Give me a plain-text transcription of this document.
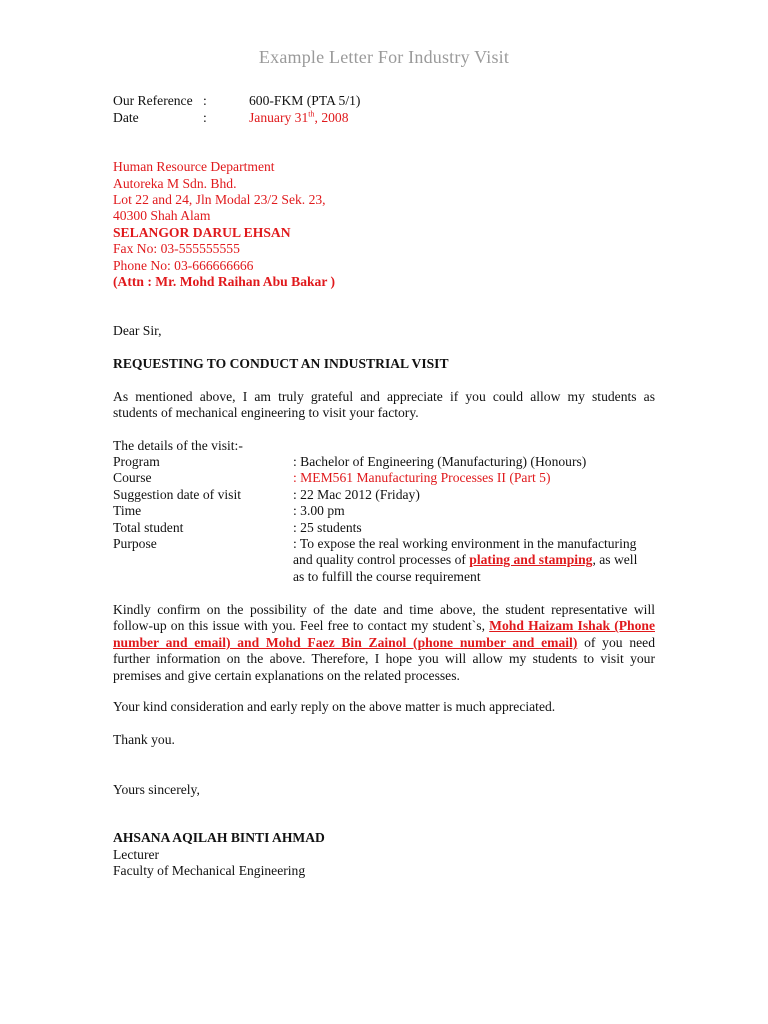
Example Letter For Industry Visit
Our Reference :	600-FKM (PTA 5/1)
Date	:	January 31th, 2008
Human Resource Department
Autoreka M Sdn. Bhd.
Lot 22 and 24, Jln Modal 23/2 Sek. 23,
40300 Shah Alam
SELANGOR DARUL EHSAN
Fax No: 03-555555555
Phone No: 03-666666666
(Attn : Mr. Mohd Raihan Abu Bakar )
Dear Sir,
REQUESTING TO CONDUCT AN INDUSTRIAL VISIT
As mentioned above, I am truly grateful and appreciate if you could allow my students as
students of mechanical engineering to visit your factory.
The details of the visit:-
Program	: Bachelor of Engineering (Manufacturing) (Honours)
Course	: MEM561 Manufacturing Processes II (Part 5)
Suggestion date of visit	: 22 Mac 2012 (Friday)
Time	: 3.00 pm
Total student	: 25 students
Purpose	: To expose the real working environment in the manufacturing
and quality control processes of plating and stamping, as well
as to fulfill the course requirement
Kindly confirm on the possibility of the date and time above, the student representative will
follow-up on this issue with you. Feel free to contact my student`s, Mohd Haizam Ishak (Phone
number and email) and Mohd Faez Bin Zainol (phone number and email) of you need
further information on the above. Therefore, I hope you will allow my students to visit your
premises and give certain explanations on the related processes.
Your kind consideration and early reply on the above matter is much appreciated.
Thank you.
Yours sincerely,
AHSANA AQILAH BINTI AHMAD
Lecturer
Faculty of Mechanical Engineering
